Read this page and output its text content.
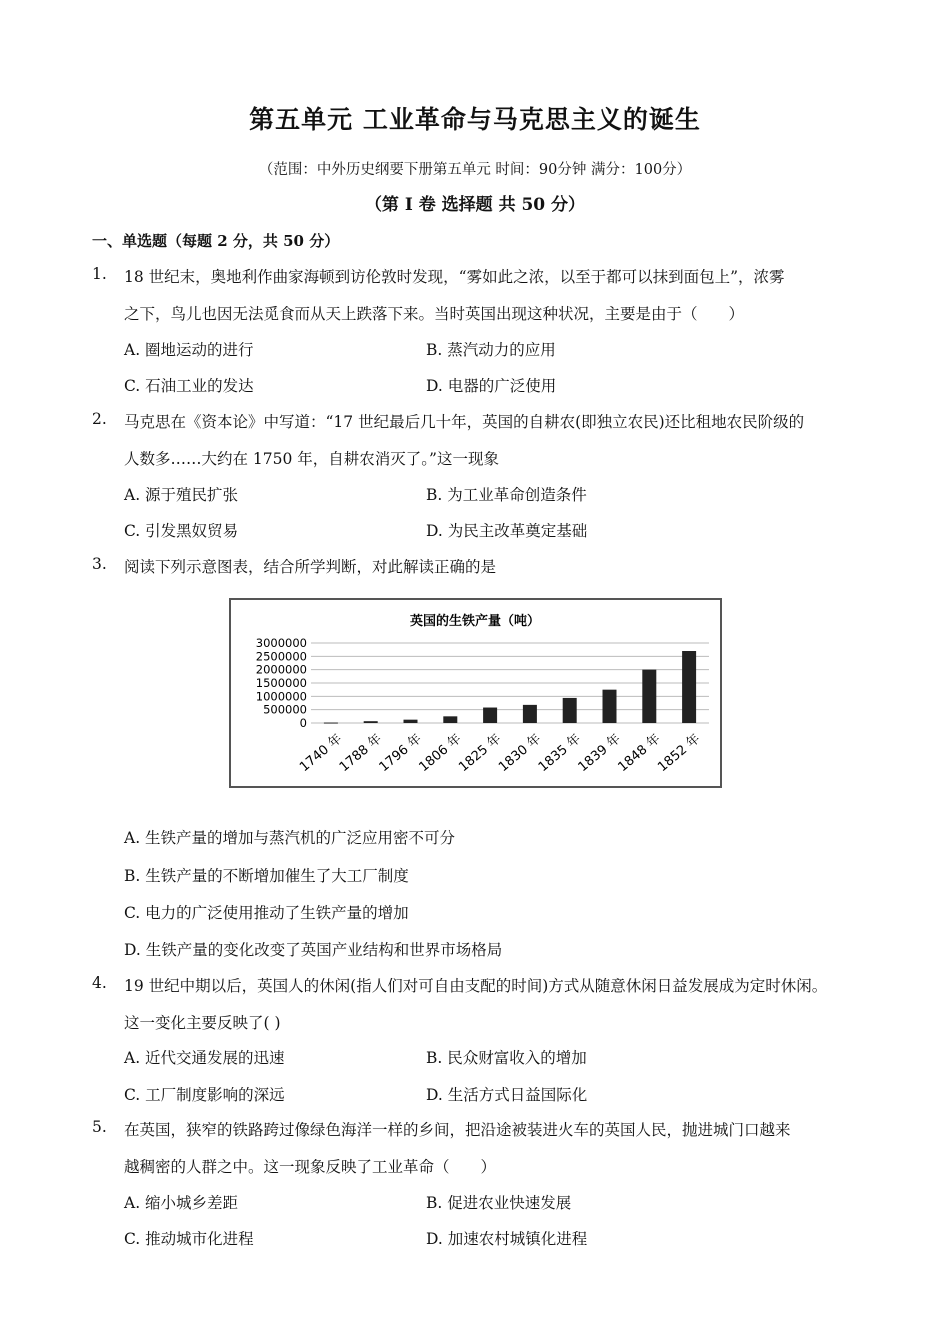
第五单元 工业革命与马克思主义的诞生
（范围：中外历史纲要下册第五单元 时间：90分钟 满分：100分）
（第 I 卷 选择题 共 50 分）
一、单选题（每题 2 分，共 50 分）
1. 18 世纪末，奥地利作曲家海顿到访伦敦时发现，“雾如此之浓，以至于都可以抹到面包上”，浓雾
之下，鸟儿也因无法觅食而从天上跌落下来。当时英国出现这种状况，主要是由于（　　）
A. 圈地运动的进行	B. 蒸汽动力的应用
C. 石油工业的发达	D. 电器的广泛使用
2. 马克思在《资本论》中写道：“17 世纪最后几十年，英国的自耕农(即独立农民)还比租地农民阶级的
人数多……大约在 1750 年，自耕农消灭了。”这一现象
A. 源于殖民扩张	B. 为工业革命创造条件
C. 引发黑奴贸易	D. 为民主改革奠定基础
3. 阅读下列示意图表，结合所学判断，对此解读正确的是
英国的生铁产量（吨）
3000000
2500000
2000000
1500000
1000000
500000
0
1740 年
1788 年
1796 年
1806 年
1825 年
1830 年
1835 年
1839 年
1848 年
1852 年
A. 生铁产量的增加与蒸汽机的广泛应用密不可分
B. 生铁产量的不断增加催生了大工厂制度
C. 电力的广泛使用推动了生铁产量的增加
D. 生铁产量的变化改变了英国产业结构和世界市场格局
4. 19 世纪中期以后，英国人的休闲(指人们对可自由支配的时间)方式从随意休闲日益发展成为定时休闲。
这一变化主要反映了( )
A. 近代交通发展的迅速	B. 民众财富收入的增加
C. 工厂制度影响的深远	D. 生活方式日益国际化
5. 在英国，狭窄的铁路跨过像绿色海洋一样的乡间，把沿途被装进火车的英国人民，抛进城门口越来
越稠密的人群之中。这一现象反映了工业革命（　　）
A. 缩小城乡差距	B. 促进农业快速发展
C. 推动城市化进程	D. 加速农村城镇化进程
